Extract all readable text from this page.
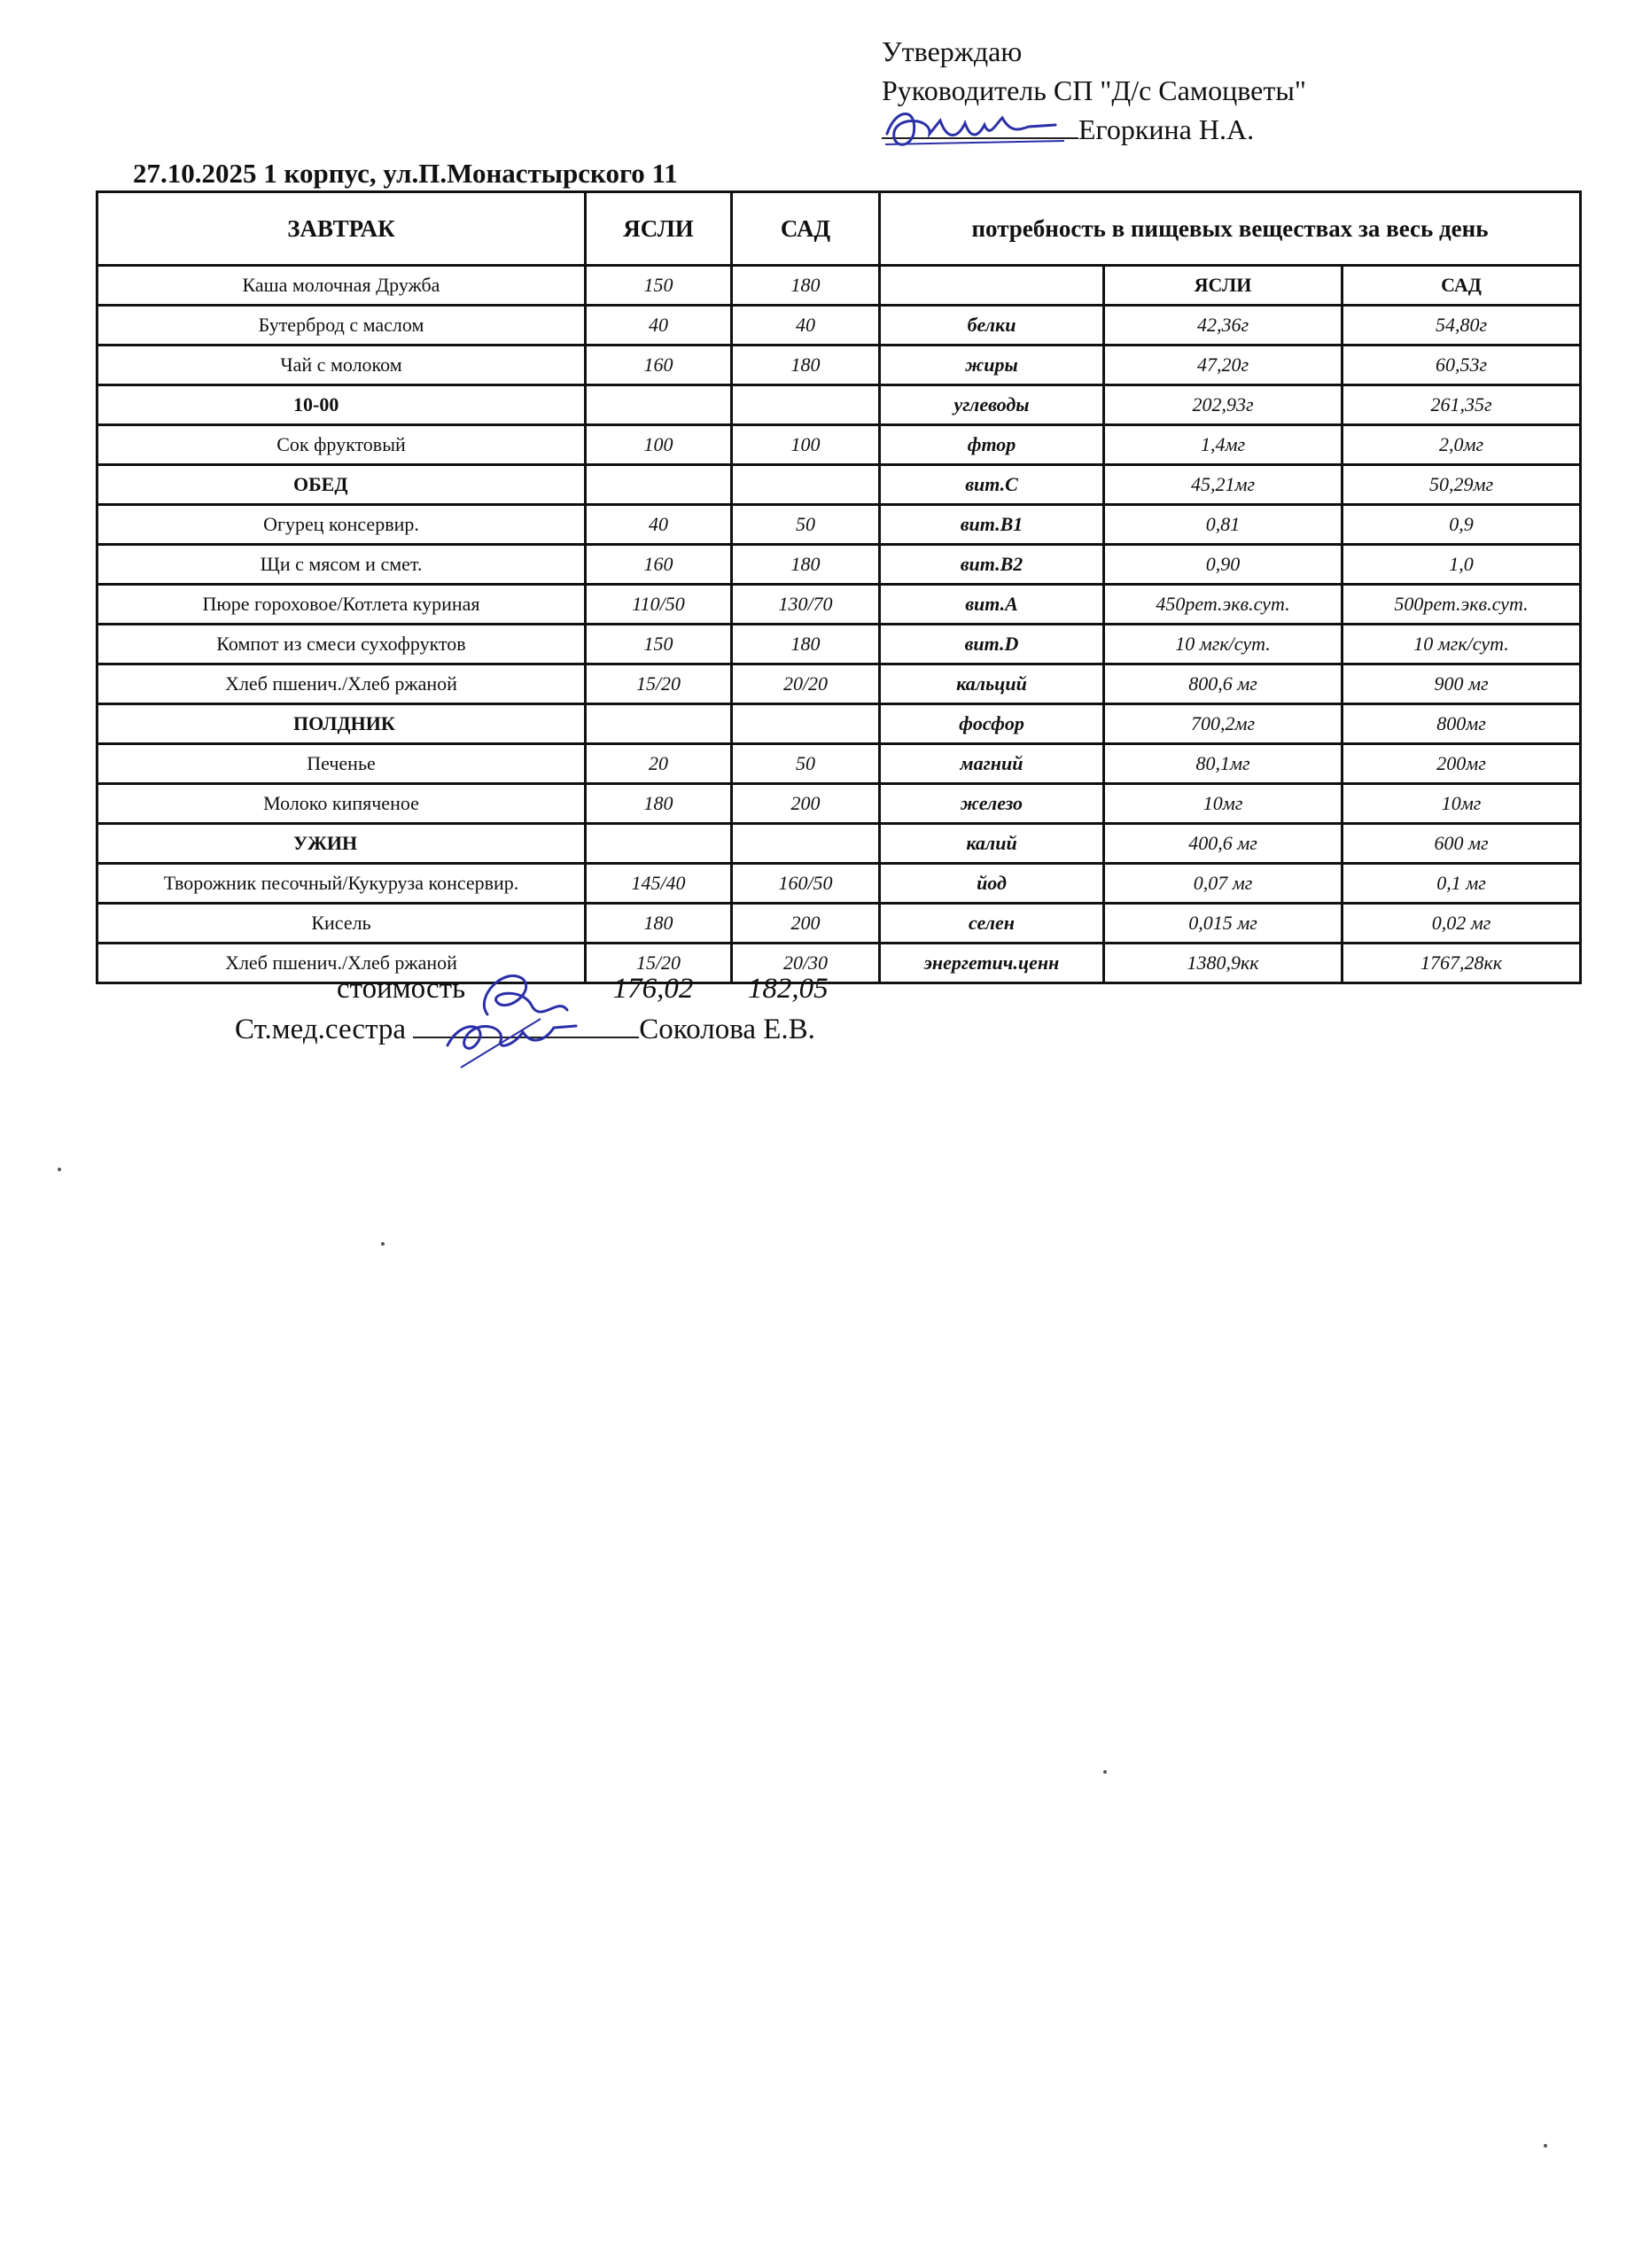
Утверждаю
Руководитель СП "Д/с Самоцветы"
Егоркина Н.А.
27.10.2025 1 корпус, ул.П.Монастырского 11
ЗАВТРАК	ЯСЛИ	САД	потребность в пищевых веществах за весь день		
Каша молочная Дружба	150	180		ЯСЛИ	САД
Бутерброд с маслом	40	40	белки	42,36г	54,80г
Чай с молоком	160	180	жиры	47,20г	60,53г
10-00			углеводы	202,93г	261,35г
Сок фруктовый	100	100	фтор	1,4мг	2,0мг
ОБЕД			вит.С	45,21мг	50,29мг
Огурец консервир.	40	50	вит.В1	0,81	0,9
Щи с мясом и смет.	160	180	вит.В2	0,90	1,0
Пюре гороховое/Котлета куриная	110/50	130/70	вит.А	450рет.экв.сут.	500рет.экв.сут.
Компот из смеси сухофруктов	150	180	вит.D	10 мгк/сут.	10 мгк/сут.
Хлеб пшенич./Хлеб ржаной	15/20	20/20	кальций	800,6 мг	900 мг
ПОЛДНИК			фосфор	700,2мг	800мг
Печенье	20	50	магний	80,1мг	200мг
Молоко кипяченое	180	200	железо	10мг	10мг
УЖИН			калий	400,6 мг	600 мг
Творожник песочный/Кукуруза консервир.	145/40	160/50	йод	0,07 мг	0,1 мг
Кисель	180	200	селен	0,015 мг	0,02 мг
Хлеб пшенич./Хлеб ржаной	15/20	20/30	энергетич.ценн	1380,9кк	1767,28кк
стоимость	176,02 182,05
Ст.мед.сестра	Соколова Е.В.
